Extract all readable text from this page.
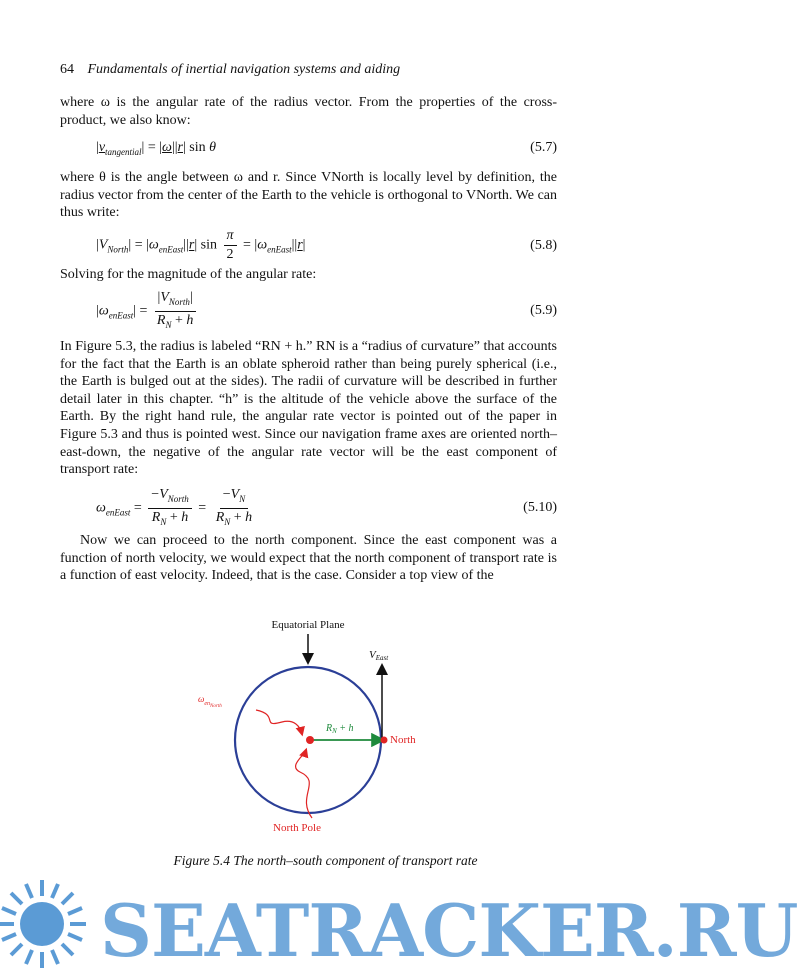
64 Fundamentals of inertial navigation systems and aiding
where ω is the angular rate of the radius vector. From the properties of the cross-product, we also know:
$|v_{tangential}| = |\omega||r|$ sin θ	(5.7)
where θ is the angle between ω and r. Since VNorth is locally level by definition, the radius vector from the center of the Earth to the vehicle is orthogonal to VNorth. We can thus write:
$|V_{North}| = |\omega_{enEast}||r|$ $\sin \frac{\pi}{2} = |\omega_{enEast}||r|$	(5.8)
Solving for the magnitude of the angular rate:
$|\omega_{enEast}| = \frac{|V_{North}|}{R_N + h}$	(5.9)
In Figure 5.3, the radius is labeled “RN + h.” RN is a “radius of curvature” that accounts for the fact that the Earth is an oblate spheroid rather than being purely spherical (i.e., the Earth is bulged out at the sides). The radii of curvature will be described in further detail later in this chapter. “h” is the altitude of the vehicle above the surface of the Earth. By the right hand rule, the angular rate vector is pointed out of the paper in Figure 5.3 and thus is pointed west. Since our navigation frame axes are oriented north–east-down, the negative of the angular rate vector will be the east component of transport rate:
$\omega_{enEast} = \frac{-V_{North}}{R_N + h} = \frac{-V_N}{R_N + h}$	(5.10)
Now we can proceed to the north component. Since the east component was a function of north velocity, we would expect that the north component of transport rate is a function of east velocity. Indeed, that is the case. Consider a top view of the
Equatorial Plane
VEast
$R_N + h$
North
$\omega_{enNorth}$
North Pole
Figure 5.4 The north–south component of transport rate
SEATRACKER.RU
